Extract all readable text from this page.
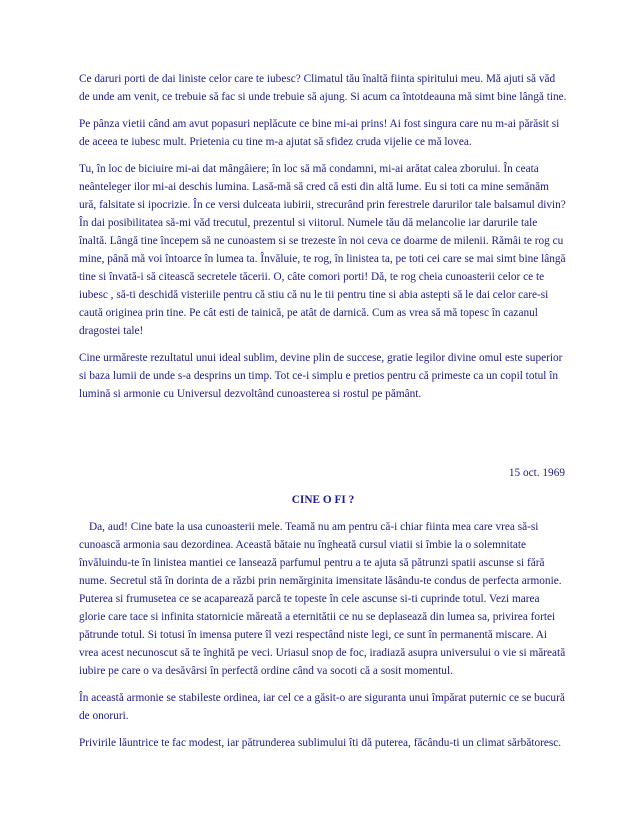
Ce daruri porti de dai liniste celor care te iubesc? Climatul tău înaltă fiinta spiritului meu. Mă ajuti să văd de unde am venit, ce trebuie să fac si unde trebuie să ajung. Si acum ca întotdeauna mă simt bine lângă tine.

Pe pânza vietii când am avut popasuri neplăcute ce bine mi-ai prins! Ai fost singura care nu m-ai părăsit si de aceea te iubesc mult. Prietenia cu tine m-a ajutat să sfidez cruda vijelie ce mă lovea.

Tu, în loc de biciuire mi-ai dat mângâiere; în loc să mă condamni, mi-ai arătat calea zborului. În ceata neânteleger ilor mi-ai deschis lumina. Lasă-mă să cred că esti din altă lume. Eu si toti ca mine semănăm ură, falsitate si ipocrizie. În ce versi dulceata iubirii, strecurând prin ferestrele darurilor tale balsamul divin? În dai posibilitatea să-mi văd trecutul, prezentul si viitorul. Numele tău dă melancolie iar darurile tale înaltă. Lângă tine începem să ne cunoastem si se trezeste în noi ceva ce doarme de milenii. Rămâi te rog cu mine, până mă voi întoarce în lumea ta. Învăluie, te rog, în linistea ta, pe toti cei care se mai simt bine lângă tine si învată-i să citească secretele tăcerii. O, câte comori porti! Dă, te rog cheia cunoasterii celor ce te iubesc , să-ti deschidă visteriile pentru că stiu că nu le tii pentru tine si abia astepti să le dai celor care-si caută originea prin tine. Pe cât esti de tainică, pe atât de darnică. Cum as vrea să mă topesc în cazanul dragostei tale!

Cine urmăreste rezultatul unui ideal sublim, devine plin de succese, gratie legilor divine omul este superior si baza lumii de unde s-a desprins un timp. Tot ce-i simplu e pretios pentru că primeste ca un copil totul în lumină si armonie cu Universul dezvoltând cunoasterea si rostul pe pământ.

15 oct. 1969

CINE O FI ?

Da, aud! Cine bate la usa cunoasterii mele. Teamă nu am pentru că-i chiar fiinta mea care vrea să-si cunoască armonia sau dezordinea. Această bătaie nu îngheată cursul viatii si îmbie la o solemnitate învăluindu-te în linistea mantiei ce lansează parfumul pentru a te ajuta să pătrunzi spatii ascunse si fără nume. Secretul stă în dorinta de a răzbi prin nemărginita imensitate lăsându-te condus de perfecta armonie. Puterea si frumusetea ce se acaparează parcă te topeste în cele ascunse si-ti cuprinde totul. Vezi marea glorie care tace si infinita statornicie măreată a eternitătii ce nu se deplasează din lumea sa, privirea fortei pătrunde totul. Si totusi în imensa putere îl vezi respectând niste legi, ce sunt în permanentă miscare. Ai vrea acest necunoscut să te înghită pe veci. Uriasul snop de foc, iradiază asupra universului o vie si măreată iubire pe care o va desăvârsi în perfectă ordine când va socoti că a sosit momentul.

În această armonie se stabileste ordinea, iar cel ce a găsit-o are siguranta unui împărat puternic ce se bucură de onoruri.

Privirile lăuntrice te fac modest, iar pătrunderea sublimului îti dă puterea, făcându-ti un climat sărbătoresc.
